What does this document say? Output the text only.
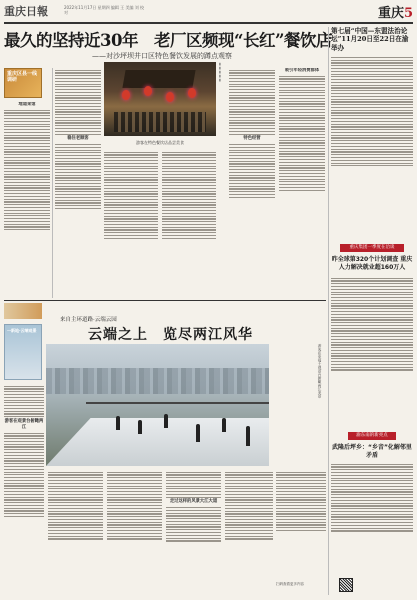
重庆日報	2022年11月17日 星期四 编辑 王 美编 刘 校对	重庆5
最久的坚持近30年　老厂区频现“长红”餐饮店
——对沙坪坝井口区特色餐饮发展的蹲点观察
重庆区县一线调研
地道菜馆
稳住老顾客
▮
▮
▮
▮
▮
游客在特色餐饮店品尝美食
特色经营
吸引年轻消费群体
第七届“中国—东盟法治论坛”11月20日至22日在渝举办
重庆集团一季度在洽谈
昨全球第320个计划调查 重庆人力解决就业超160万人
渝东南的新亮点
武隆后坪乡：“乡音”化解邻里矛盾
来自主环道路·云端云园
云端之上　览尽两江风华
一新地·云端观景
游客在来福士观景台俯瞰两江美景
游客在观景台俯瞰两江
走过这样的风景大江大道
扫码查看更多内容
